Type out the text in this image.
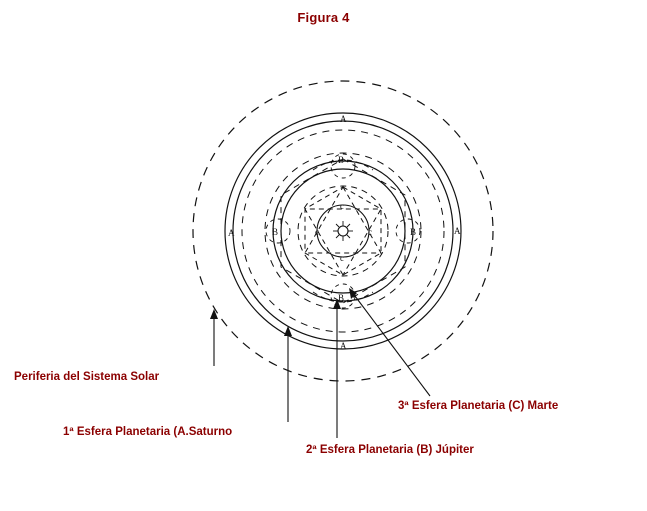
Figura 4
A
A
A	A
B
B
B	B
c
c
c	c
Periferia del Sistema Solar
1ª Esfera Planetaria (A.Saturno
2ª Esfera Planetaria (B) Júpiter
3ª Esfera Planetaria (C) Marte
